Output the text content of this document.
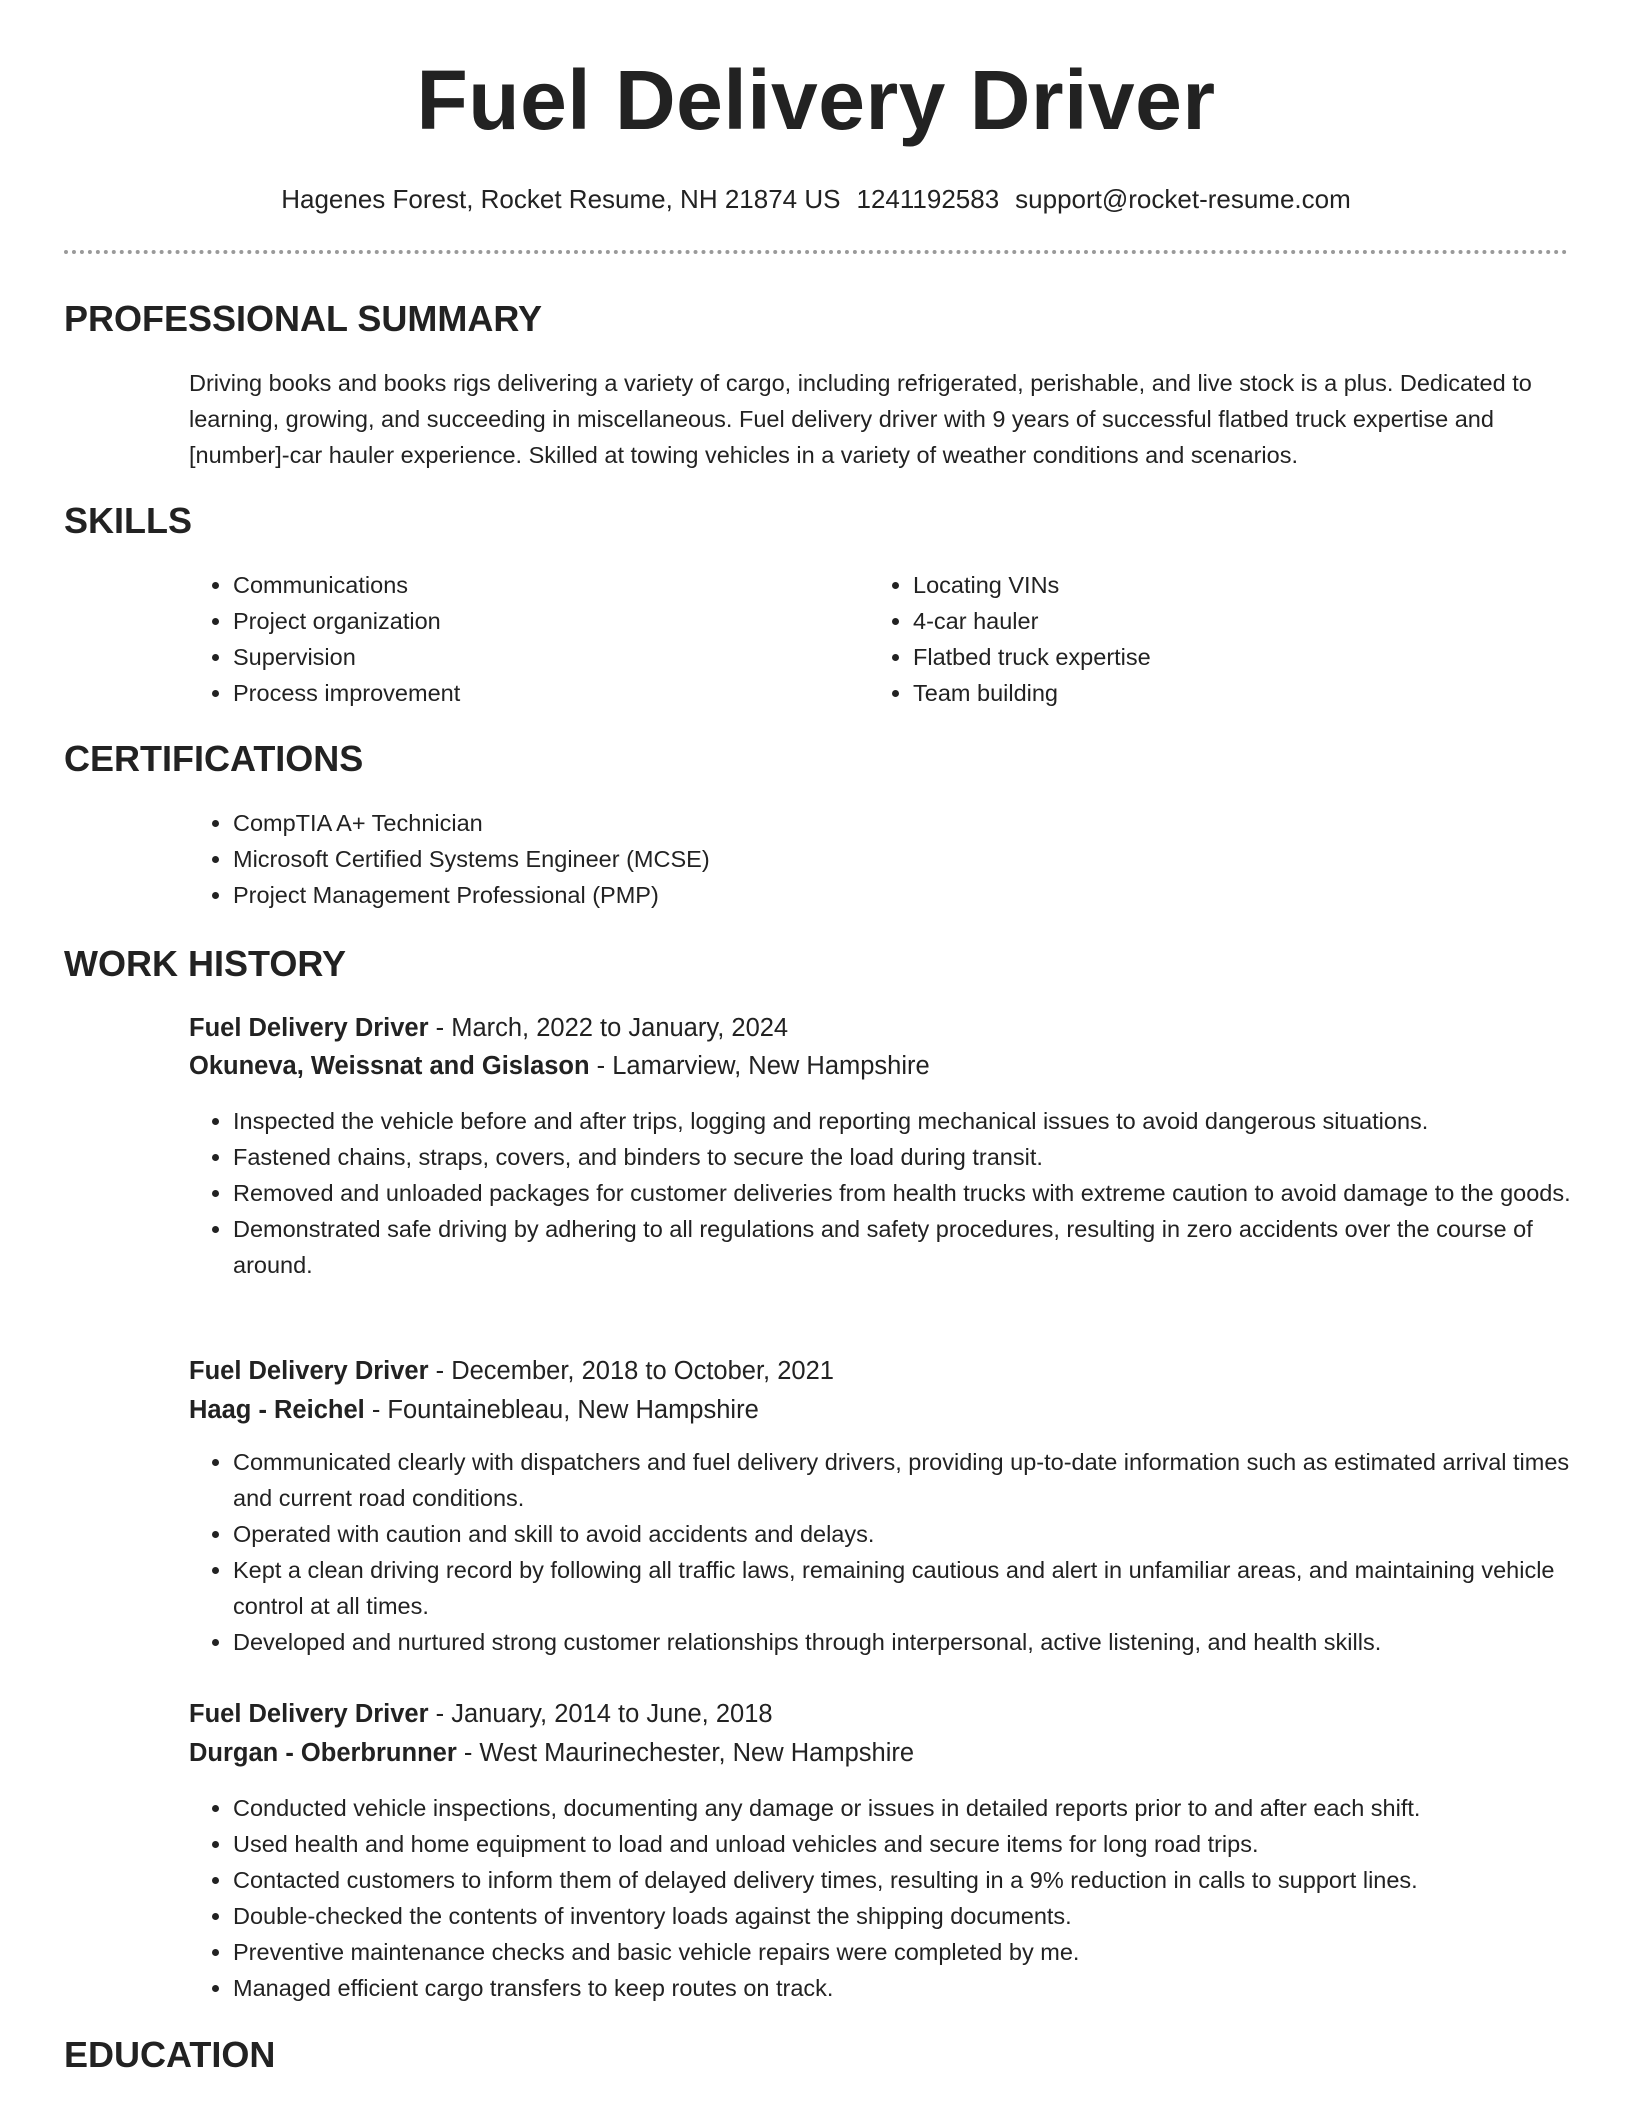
Fuel Delivery Driver
Hagenes Forest, Rocket Resume, NH 21874 US 1241192583 support@rocket-resume.com
PROFESSIONAL SUMMARY

Driving books and books rigs delivering a variety of cargo, including refrigerated, perishable, and live stock is a plus. Dedicated to learning, growing, and succeeding in miscellaneous. Fuel delivery driver with 9 years of successful flatbed truck expertise and [number]-car hauler experience. Skilled at towing vehicles in a variety of weather conditions and scenarios.

SKILLS
• Communications
• Project organization
• Supervision
• Process improvement
• Locating VINs
• 4-car hauler
• Flatbed truck expertise
• Team building
CERTIFICATIONS
• CompTIA A+ Technician
• Microsoft Certified Systems Engineer (MCSE)
• Project Management Professional (PMP)
WORK HISTORY
Fuel Delivery Driver - March, 2022 to January, 2024
Okuneva, Weissnat and Gislason - Lamarview, New Hampshire
• Inspected the vehicle before and after trips, logging and reporting mechanical issues to avoid dangerous situations.
• Fastened chains, straps, covers, and binders to secure the load during transit.
• Removed and unloaded packages for customer deliveries from health trucks with extreme caution to avoid damage to the goods.
• Demonstrated safe driving by adhering to all regulations and safety procedures, resulting in zero accidents over the course of around.
Fuel Delivery Driver - December, 2018 to October, 2021
Haag - Reichel - Fountainebleau, New Hampshire
• Communicated clearly with dispatchers and fuel delivery drivers, providing up-to-date information such as estimated arrival times and current road conditions.
• Operated with caution and skill to avoid accidents and delays.
• Kept a clean driving record by following all traffic laws, remaining cautious and alert in unfamiliar areas, and maintaining vehicle control at all times.
• Developed and nurtured strong customer relationships through interpersonal, active listening, and health skills.
Fuel Delivery Driver - January, 2014 to June, 2018
Durgan - Oberbrunner - West Maurinechester, New Hampshire
• Conducted vehicle inspections, documenting any damage or issues in detailed reports prior to and after each shift.
• Used health and home equipment to load and unload vehicles and secure items for long road trips.
• Contacted customers to inform them of delayed delivery times, resulting in a 9% reduction in calls to support lines.
• Double-checked the contents of inventory loads against the shipping documents.
• Preventive maintenance checks and basic vehicle repairs were completed by me.
• Managed efficient cargo transfers to keep routes on track.
EDUCATION
